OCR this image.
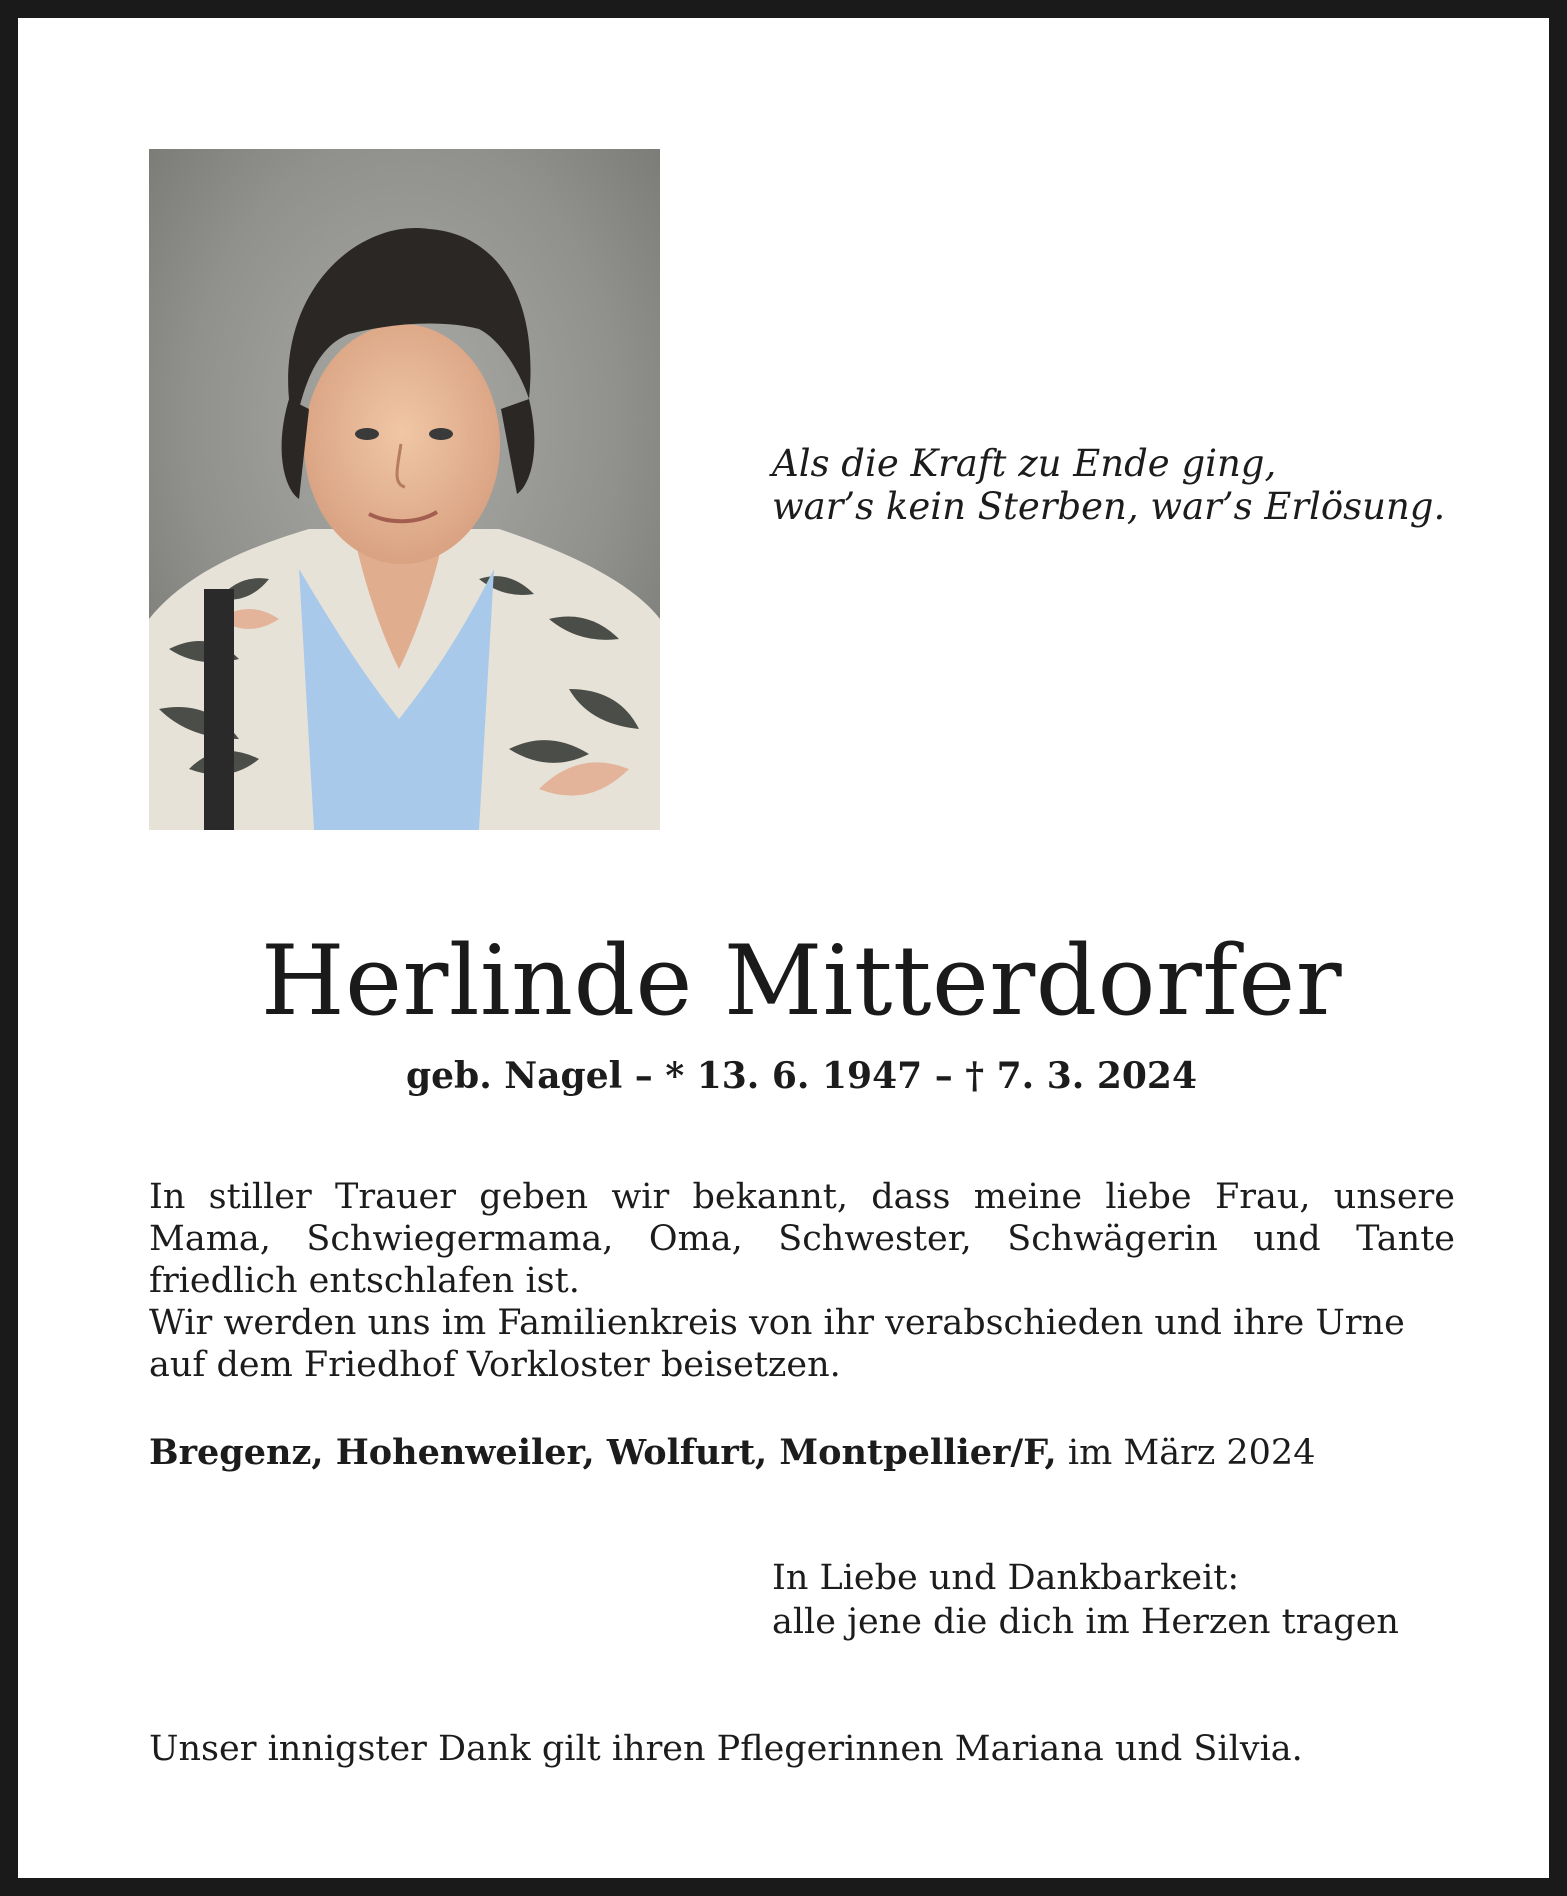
Als die Kraft zu Ende ging,
war’s kein Sterben, war’s Erlösung.
Herlinde Mitterdorfer
geb. Nagel – * 13. 6. 1947 – † 7. 3. 2024

In stiller Trauer geben wir bekannt, dass meine liebe Frau, unsere Mama, Schwiegermama, Oma, Schwester, Schwägerin und Tante friedlich entschlafen ist.

Wir werden uns im Familienkreis von ihr verabschieden und ihre Urne auf dem Friedhof Vorkloster beisetzen.

Bregenz, Hohenweiler, Wolfurt, Montpellier/F, im März 2024
In Liebe und Dankbarkeit:
alle jene die dich im Herzen tragen
Unser innigster Dank gilt ihren Pflegerinnen Mariana und Silvia.
